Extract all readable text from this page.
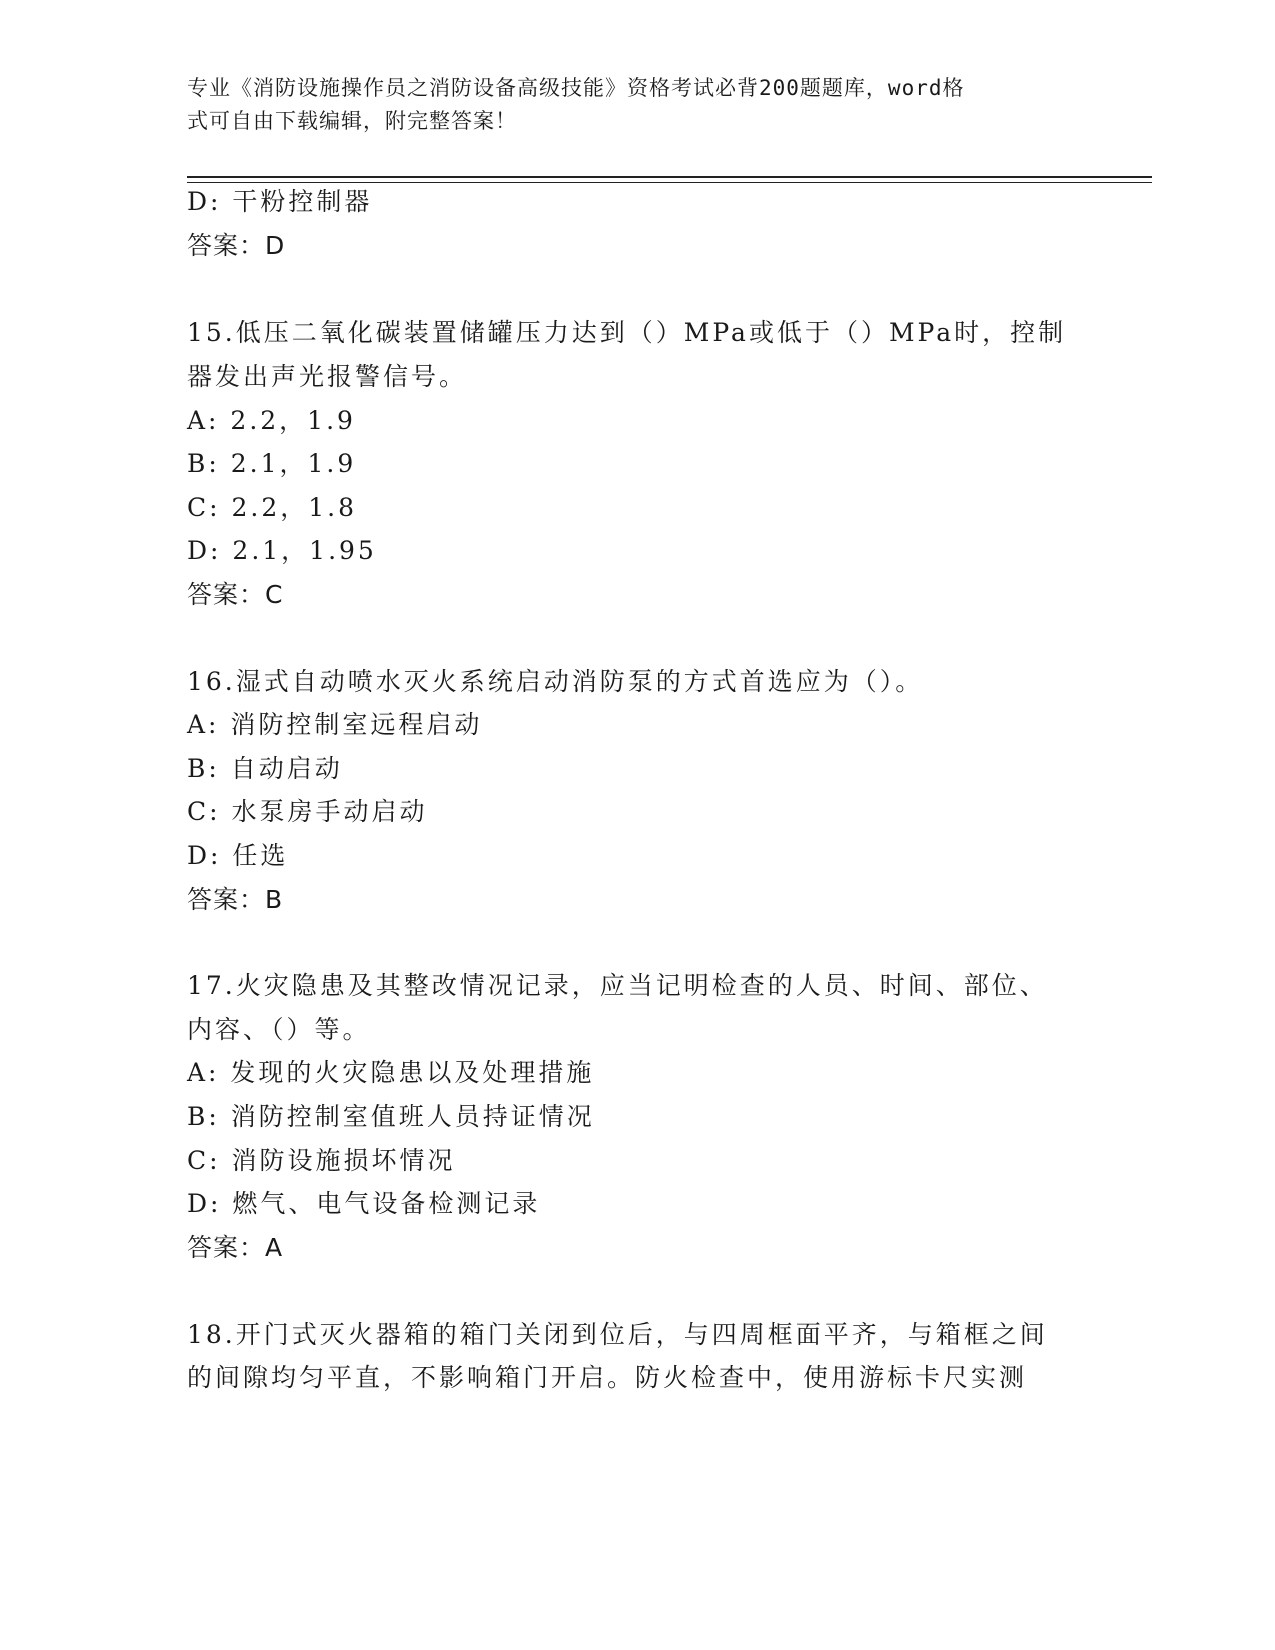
专业《消防设施操作员之消防设备高级技能》资格考试必背200题题库，word格
式可自由下载编辑，附完整答案！
D: 干粉控制器
答案：D
15.低压二氧化碳装置储罐压力达到（）MPa或低于（）MPa时，控制
器发出声光报警信号。
A: 2.2，1.9
B: 2.1，1.9
C: 2.2，1.8
D: 2.1，1.95
答案：C
16.湿式自动喷水灭火系统启动消防泵的方式首选应为（）。
A: 消防控制室远程启动
B: 自动启动
C: 水泵房手动启动
D: 任选
答案：B
17.火灾隐患及其整改情况记录，应当记明检查的人员、时间、部位、
内容、（）等。
A: 发现的火灾隐患以及处理措施
B: 消防控制室值班人员持证情况
C: 消防设施损坏情况
D: 燃气、电气设备检测记录
答案：A
18.开门式灭火器箱的箱门关闭到位后，与四周框面平齐，与箱框之间
的间隙均匀平直，不影响箱门开启。防火检查中，使用游标卡尺实测
